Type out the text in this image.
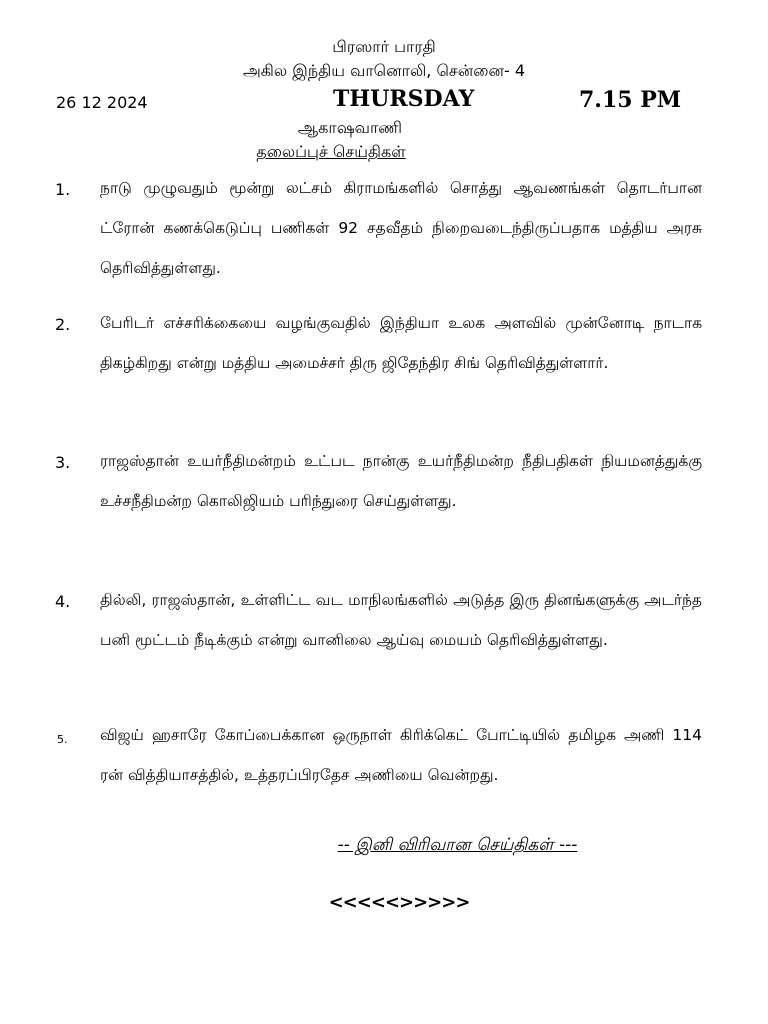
பிரஸார் பாரதி
அகில இந்திய வானொலி, சென்னை- 4
26 12 2024	THURSDAY	7.15 PM
ஆகாஷவாணி
தலைப்புச் செய்திகள்
1. நாடு முழுவதும் மூன்று லட்சம் கிராமங்களில் சொத்து ஆவணங்கள் தொடர்பான ட்ரோன் கணக்கெடுப்பு பணிகள் 92 சதவீதம் நிறைவடைந்திருப்பதாக மத்திய அரசு தெரிவித்துள்ளது.
2. பேரிடர் எச்சரிக்கையை வழங்குவதில் இந்தியா உலக அளவில் முன்னோடி நாடாக திகழ்கிறது என்று மத்திய அமைச்சர் திரு ஜிதேந்திர சிங் தெரிவித்துள்ளார்.
3. ராஜஸ்தான் உயர்நீதிமன்றம் உட்பட நான்கு உயர்நீதிமன்ற நீதிபதிகள் நியமனத்துக்கு உச்சநீதிமன்ற கொலிஜியம் பரிந்துரை செய்துள்ளது.
4. தில்லி, ராஜஸ்தான், உள்ளிட்ட வட மாநிலங்களில் அடுத்த இரு தினங்களுக்கு அடர்ந்த பனி மூட்டம் நீடிக்கும் என்று வானிலை ஆய்வு மையம் தெரிவித்துள்ளது.
5. விஜய் ஹசாரே கோப்பைக்கான ஒருநாள் கிரிக்கெட் போட்டியில் தமிழக அணி 114 ரன் வித்தியாசத்தில், உத்தரப்பிரதேச அணியை வென்றது.
-- இனி விரிவான செய்திகள் ---
<<<<<>>>>>
